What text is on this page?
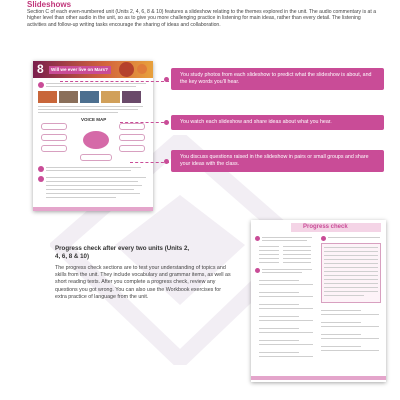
Slideshows

Section C of each even-numbered unit (Units 2, 4, 6, 8 & 10) features a slideshow relating to the themes explored in the unit. The audio commentary is at a higher level than other audio in the unit, so as to give you more challenging practice in listening for main ideas, rather than every detail. The listening activities and follow-up writing tasks encourage the sharing of ideas and collaboration.

8 Will we ever live on Mars?
VOICE MAP
You study photos from each slideshow to predict what the slideshow is about, and the key words you'll hear.
You watch each slideshow and share ideas about what you hear.
You discuss questions raised in the slideshow in pairs or small groups and share your ideas with the class.
Progress check after every two units (Units 2, 4, 6, 8 & 10)

The progress check sections are to test your understanding of topics and skills from the unit. They include vocabulary and grammar items, as well as short reading texts. After you complete a progress check, review any questions you got wrong. You can also use the Workbook exercises for extra practice of language from the unit.

Progress check
